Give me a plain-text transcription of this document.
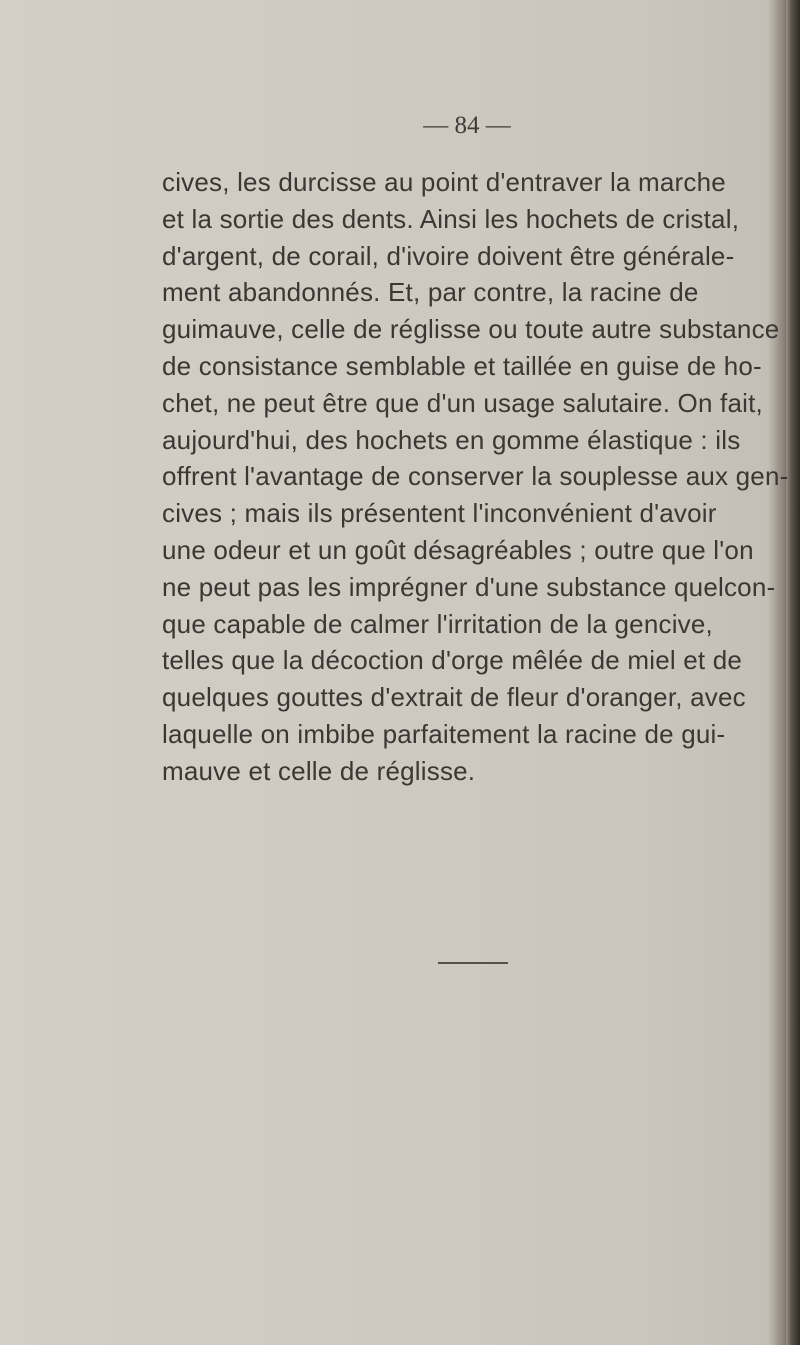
— 84 —
cives, les durcisse au point d'entraver la marche
et la sortie des dents. Ainsi les hochets de cristal,
d'argent, de corail, d'ivoire doivent être générale-
ment abandonnés. Et, par contre, la racine de
guimauve, celle de réglisse ou toute autre substance
de consistance semblable et taillée en guise de ho-
chet, ne peut être que d'un usage salutaire. On fait,
aujourd'hui, des hochets en gomme élastique : ils
offrent l'avantage de conserver la souplesse aux gen-
cives ; mais ils présentent l'inconvénient d'avoir
une odeur et un goût désagréables ; outre que l'on
ne peut pas les imprégner d'une substance quelcon-
que capable de calmer l'irritation de la gencive,
telles que la décoction d'orge mêlée de miel et de
quelques gouttes d'extrait de fleur d'oranger, avec
laquelle on imbibe parfaitement la racine de gui-
mauve et celle de réglisse.
